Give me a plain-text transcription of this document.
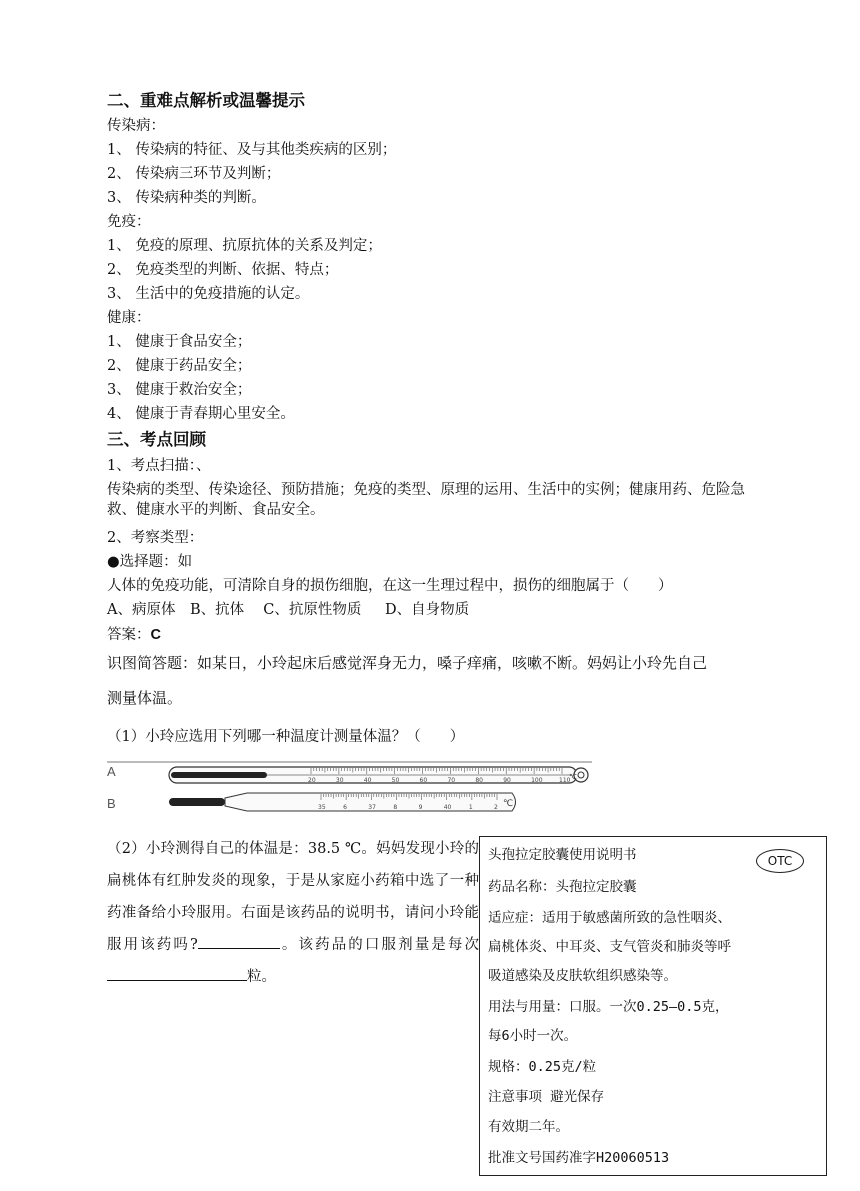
二、重难点解析或温馨提示
传染病：
1、 传染病的特征、及与其他类疾病的区别；
2、 传染病三环节及判断；
3、 传染病种类的判断。
免疫：
1、 免疫的原理、抗原抗体的关系及判定；
2、 免疫类型的判断、依据、特点；
3、 生活中的免疫措施的认定。
健康：
1、 健康于食品安全；
2、 健康于药品安全；
3、 健康于救治安全；
4、 健康于青春期心里安全。
三、考点回顾
1、考点扫描：、
传染病的类型、传染途径、预防措施；免疫的类型、原理的运用、生活中的实例；健康用药、危险急救、健康水平的判断、食品安全。
2、考察类型：
●选择题：如
人体的免疫功能，可清除自身的损伤细胞，在这一生理过程中，损伤的细胞属于（　　）
A、病原体　B、抗体　 C、抗原性物质 　 D、自身物质
答案：C
识图简答题：如某日，小玲起床后感觉浑身无力，嗓子痒痛，咳嗽不断。妈妈让小玲先自己
测量体温。
（1）小玲应选用下列哪一种温度计测量体温？（　　）
A
B
20	30	40	50	60	70	80	90	100	110
℃
35	6	37	8	9	40	1	2 ℃
（2）小玲测得自己的体温是：38.5 ℃。妈妈发现小玲的扁桃体有红肿发炎的现象，于是从家庭小药箱中选了一种药准备给小玲服用。右面是该药品的说明书，请问小玲能服用该药吗?	。该药品的口服剂量是每次粒。
头孢拉定胶囊使用说明书	OTC
药品名称：头孢拉定胶囊
适应症：适用于敏感菌所致的急性咽炎、
扁桃体炎、中耳炎、支气管炎和肺炎等呼
吸道感染及皮肤软组织感染等。
用法与用量：口服。一次0.25—0.5克，
每6小时一次。
规格：0.25克/粒
注意事项 避光保存
有效期二年。
批准文号国药准字H20060513
